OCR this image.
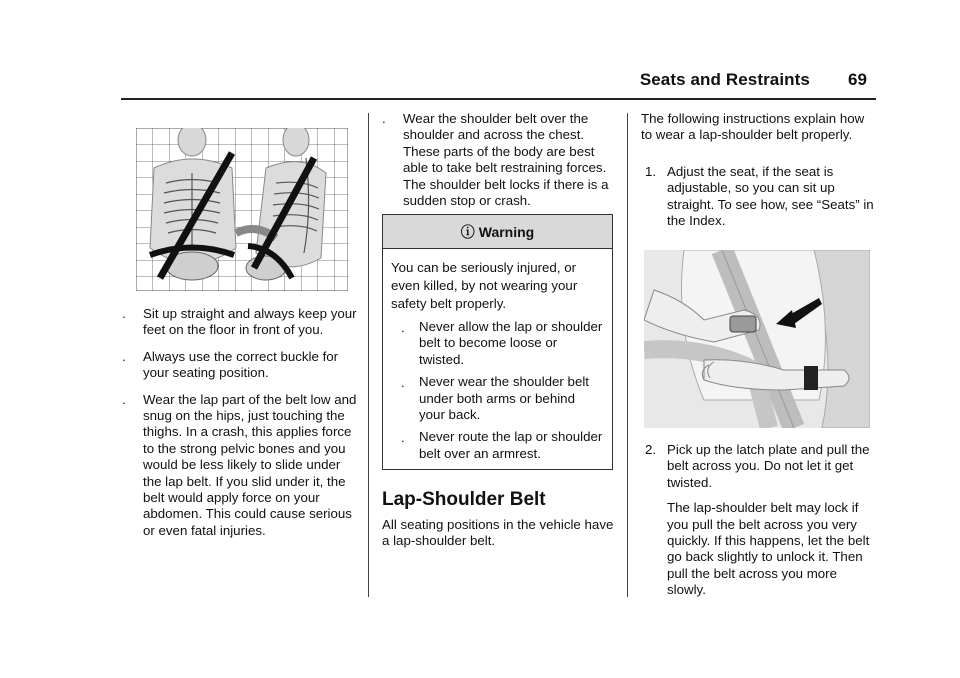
Seats and Restraints 69
.	Sit up straight and always keep your feet on the floor in front of you.
.	Always use the correct buckle for your seating position.
.	Wear the lap part of the belt low and snug on the hips, just touching the thighs. In a crash, this applies force to the strong pelvic bones and you would be less likely to slide under the lap belt. If you slid under it, the belt would apply force on your abdomen. This could cause serious or even fatal injuries.
.	Wear the shoulder belt over the shoulder and across the chest. These parts of the body are best able to take belt restraining forces. The shoulder belt locks if there is a sudden stop or crash.
ⓘ Warning
You can be seriously injured, or even killed, by not wearing your safety belt properly.
.	Never allow the lap or shoulder belt to become loose or twisted.
.	Never wear the shoulder belt under both arms or behind your back.
.	Never route the lap or shoulder belt over an armrest.
Lap-Shoulder Belt
All seating positions in the vehicle have a lap-shoulder belt.
The following instructions explain how to wear a lap-shoulder belt properly.
1. Adjust the seat, if the seat is adjustable, so you can sit up straight. To see how, see “Seats” in the Index.
2. Pick up the latch plate and pull the belt across you. Do not let it get twisted.
The lap-shoulder belt may lock if you pull the belt across you very quickly. If this happens, let the belt go back slightly to unlock it. Then pull the belt across you more slowly.
